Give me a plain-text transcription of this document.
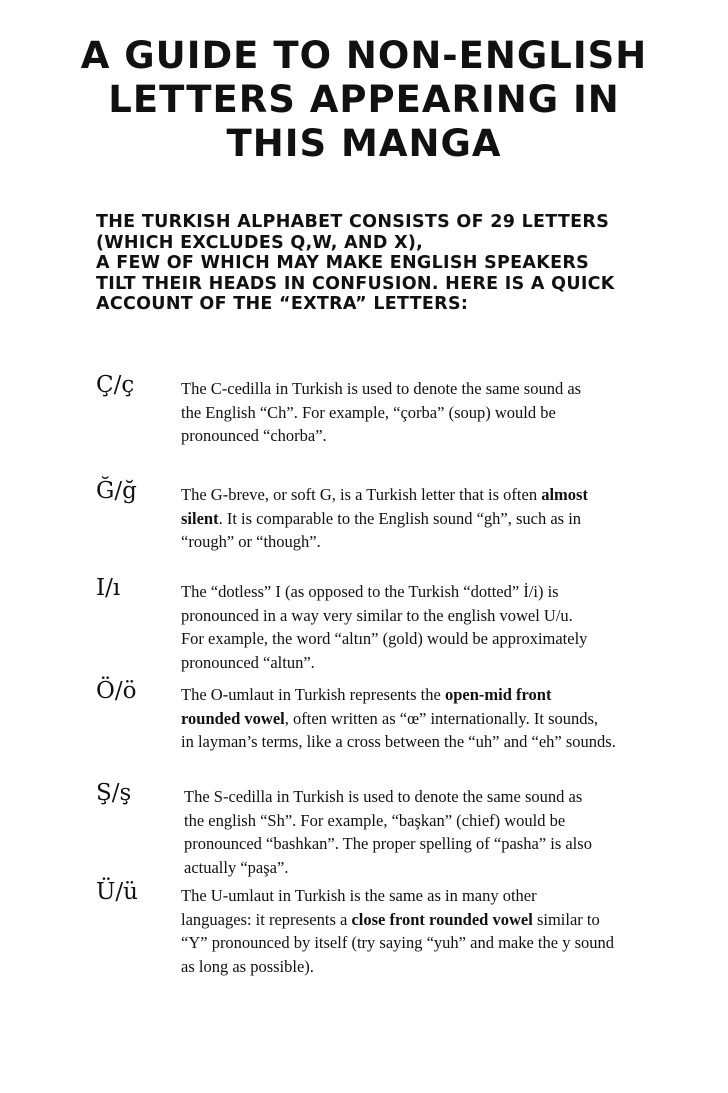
A GUIDE TO NON-ENGLISH
LETTERS APPEARING IN
THIS MANGA

THE TURKISH ALPHABET CONSISTS OF 29 LETTERS
(WHICH EXCLUDES Q,W, AND X),
A FEW OF WHICH MAY MAKE ENGLISH SPEAKERS
TILT THEIR HEADS IN CONFUSION. HERE IS A QUICK
ACCOUNT OF THE “EXTRA” LETTERS:

Ç/ç	The C-cedilla in Turkish is used to denote the same sound as
the English “Ch”. For example, “çorba” (soup) would be
pronounced “chorba”.
Ğ/ğ	The G-breve, or soft G, is a Turkish letter that is often almost
silent. It is comparable to the English sound “gh”, such as in
“rough” or “though”.
I/ı	The “dotless” I (as opposed to the Turkish “dotted” İ/i) is
pronounced in a way very similar to the english vowel U/u.
For example, the word “altın” (gold) would be approximately
pronounced “altun”.
Ö/ö	The O-umlaut in Turkish represents the open-mid front
rounded vowel, often written as “œ” internationally. It sounds,
in layman’s terms, like a cross between the “uh” and “eh” sounds.
Ş/ş	The S-cedilla in Turkish is used to denote the same sound as
the english “Sh”. For example, “başkan” (chief) would be
pronounced “bashkan”. The proper spelling of “pasha” is also
actually “paşa”.
Ü/ü	The U-umlaut in Turkish is the same as in many other
languages: it represents a close front rounded vowel similar to
“Y” pronounced by itself (try saying “yuh” and make the y sound
as long as possible).
